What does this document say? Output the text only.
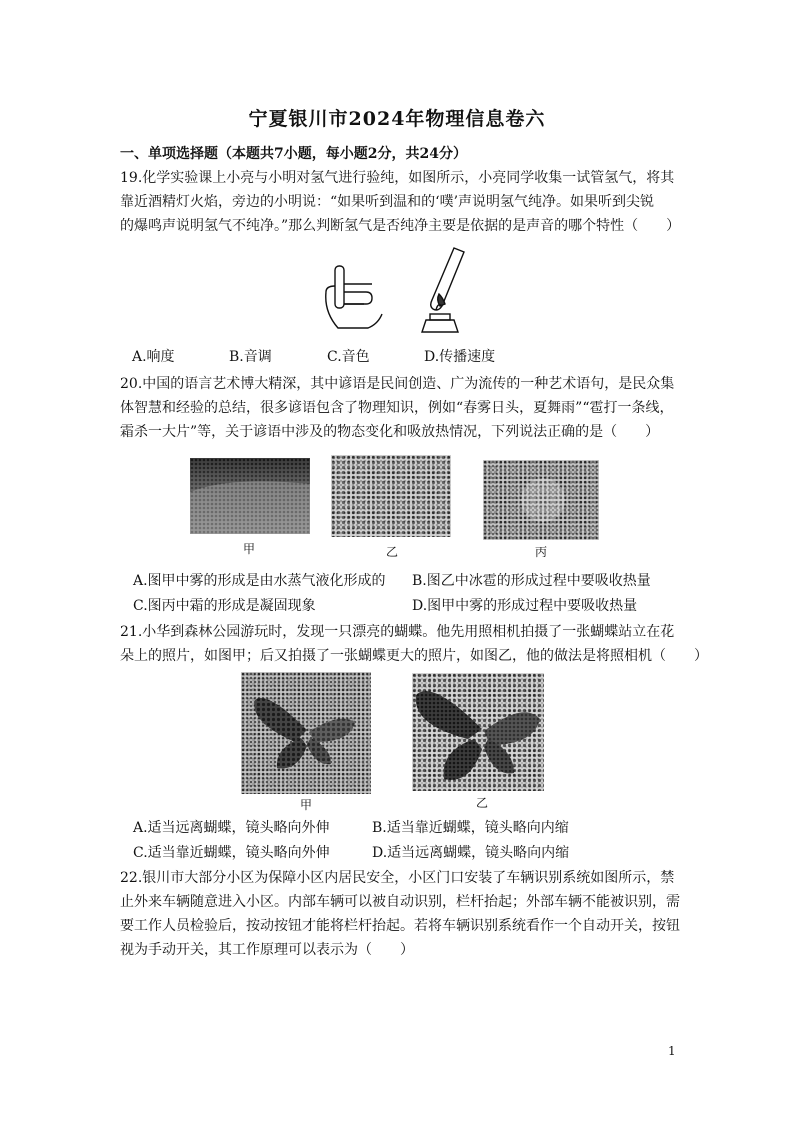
宁夏银川市2024年物理信息卷六
一、单项选择题（本题共7小题，每小题2分，共24分）
19.化学实验课上小亮与小明对氢气进行验纯，如图所示，小亮同学收集一试管氢气，将其
靠近酒精灯火焰，旁边的小明说：“如果听到温和的‘噗’声说明氢气纯净。如果听到尖锐
的爆鸣声说明氢气不纯净。”那么判断氢气是否纯净主要是依据的是声音的哪个特性（　　）
A.响度	B.音调	C.音色	D.传播速度
20.中国的语言艺术博大精深，其中谚语是民间创造、广为流传的一种艺术语句，是民众集
体智慧和经验的总结，很多谚语包含了物理知识，例如“春雾日头，夏舞雨”“雹打一条线，
霜杀一大片”等，关于谚语中涉及的物态变化和吸放热情况，下列说法正确的是（　　）
甲	乙	丙
A.图甲中雾的形成是由水蒸气液化形成的 B.图乙中冰雹的形成过程中要吸收热量
C.图丙中霜的形成是凝固现象	D.图甲中雾的形成过程中要吸收热量
21.小华到森林公园游玩时，发现一只漂亮的蝴蝶。他先用照相机拍摄了一张蝴蝶站立在花
朵上的照片，如图甲；后又拍摄了一张蝴蝶更大的照片，如图乙，他的做法是将照相机（　　）
甲	乙
A.适当远离蝴蝶，镜头略向外伸	B.适当靠近蝴蝶，镜头略向内缩
C.适当靠近蝴蝶，镜头略向外伸	D.适当远离蝴蝶，镜头略向内缩
22.银川市大部分小区为保障小区内居民安全，小区门口安装了车辆识别系统如图所示，禁
止外来车辆随意进入小区。内部车辆可以被自动识别，栏杆抬起；外部车辆不能被识别，需
要工作人员检验后，按动按钮才能将栏杆抬起。若将车辆识别系统看作一个自动开关，按钮
视为手动开关，其工作原理可以表示为（　　）
1
